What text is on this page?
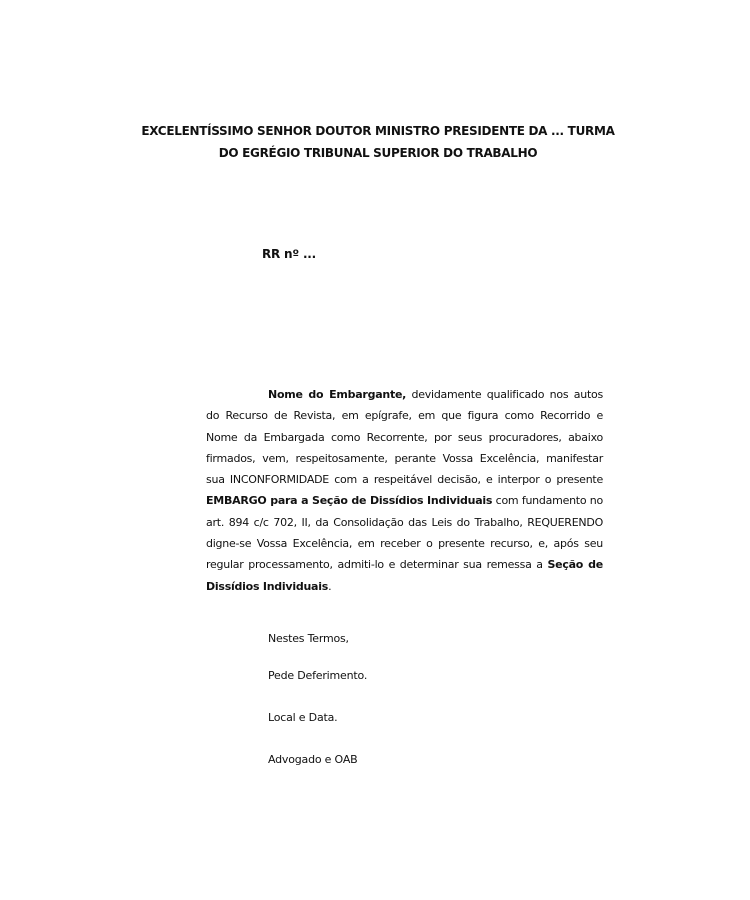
EXCELENTÍSSIMO SENHOR DOUTOR MINISTRO PRESIDENTE DA ... TURMA
DO EGRÉGIO TRIBUNAL SUPERIOR DO TRABALHO
RR nº ...

Nome do Embargante, devidamente qualificado nos autos do Recurso de Revista, em epígrafe, em que figura como Recorrido e Nome da Embargada como Recorrente, por seus procuradores, abaixo firmados, vem, respeitosamente, perante Vossa Excelência, manifestar sua INCONFORMIDADE com a respeitável decisão, e interpor o presente EMBARGO para a Seção de Dissídios Individuais com fundamento no art. 894 c/c 702, II, da Consolidação das Leis do Trabalho, REQUERENDO digne-se Vossa Excelência, em receber o presente recurso, e, após seu regular processamento, admiti-lo e determinar sua remessa a Seção de Dissídios Individuais.

Nestes Termos,
Pede Deferimento.
Local e Data.
Advogado e OAB
